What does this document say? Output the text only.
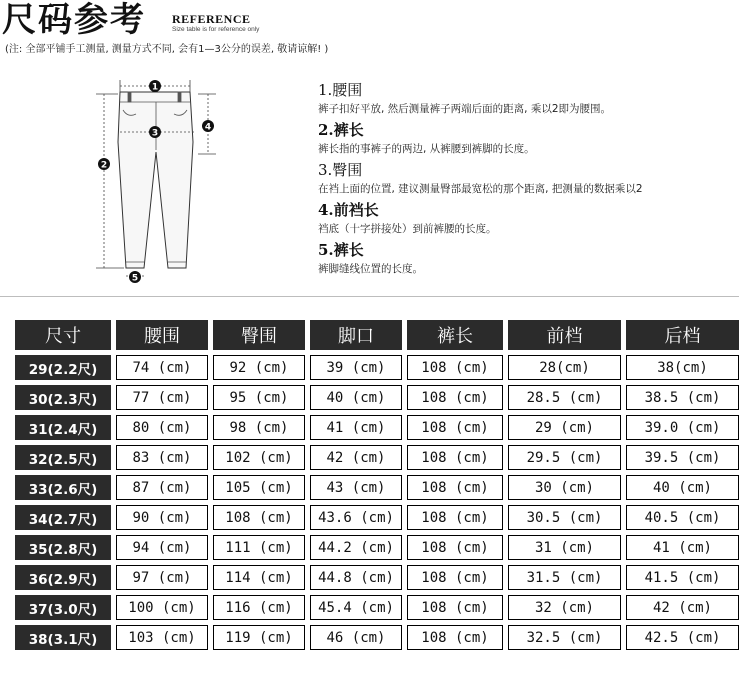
尺码参考 REFERENCE
Size table is for reference only
(注: 全部平铺手工测量, 测量方式不同, 会有1—3公分的误差, 敬请谅解! )
1
2
3
4
5
1.腰围
裤子扣好平放, 然后测量裤子两端后面的距离, 乘以2即为腰围。
2.裤长
裤长指的事裤子的两边, 从裤腰到裤脚的长度。
3.臀围
在裆上面的位置, 建议测量臀部最宽松的那个距离, 把测量的数据乘以2
4.前裆长
裆底（十字拼接处）到前裤腰的长度。
5.裤长
裤脚缝线位置的长度。
尺寸	腰围	臀围	脚口	裤长	前档	后档
29(2.2尺)	74 (cm)	92 (cm)	39 (cm)	108 (cm)	28(cm)	38(cm)
30(2.3尺)	77 (cm)	95 (cm)	40 (cm)	108 (cm)	28.5 (cm)	38.5 (cm)
31(2.4尺)	80 (cm)	98 (cm)	41 (cm)	108 (cm)	29 (cm)	39.0 (cm)
32(2.5尺)	83 (cm)	102 (cm)	42 (cm)	108 (cm)	29.5 (cm)	39.5 (cm)
33(2.6尺)	87 (cm)	105 (cm)	43 (cm)	108 (cm)	30 (cm)	40 (cm)
34(2.7尺)	90 (cm)	108 (cm)	43.6 (cm)	108 (cm)	30.5 (cm)	40.5 (cm)
35(2.8尺)	94 (cm)	111 (cm)	44.2 (cm)	108 (cm)	31 (cm)	41 (cm)
36(2.9尺)	97 (cm)	114 (cm)	44.8 (cm)	108 (cm)	31.5 (cm)	41.5 (cm)
37(3.0尺)	100 (cm)	116 (cm)	45.4 (cm)	108 (cm)	32 (cm)	42 (cm)
38(3.1尺)	103 (cm)	119 (cm)	46 (cm)	108 (cm)	32.5 (cm)	42.5 (cm)
